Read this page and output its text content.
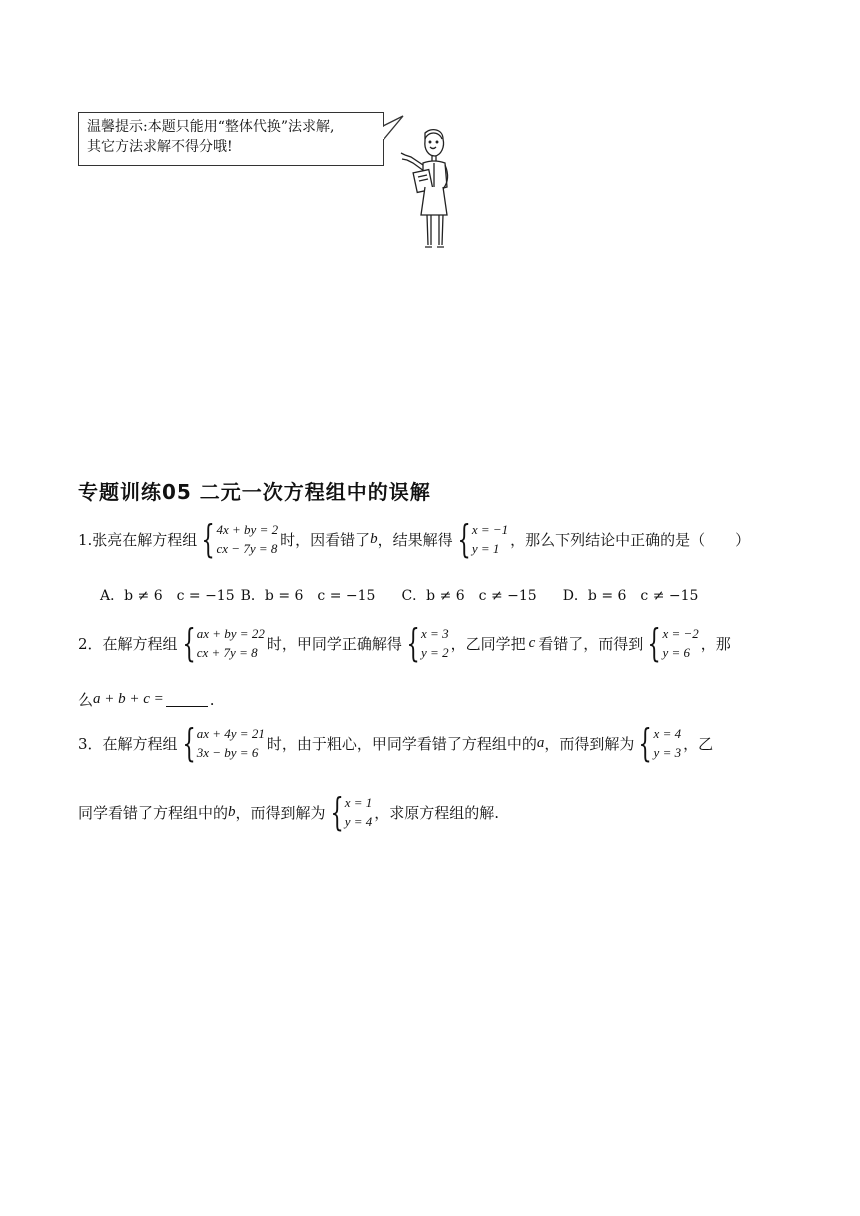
温馨提示:本题只能用“整体代换”法求解,
其它方法求解不得分哦!
专题训练05 二元一次方程组中的误解
1.张亮在解方程组 { 4x + by = 2
cx − 7y = 8 时，因看错了 b ，结果解得 { x = −1
y = 1 ，那么下列结论中正确的是（　　）
A．b ≠ 6　c = −15 B．b = 6　c = −15 C．b ≠ 6　c ≠ −15 D．b = 6　c ≠ −15
2．在解方程组 { ax + by = 22
cx + 7y = 8 时，甲同学正确解得 { x = 3
y = 2 ，乙同学把 c 看错了，而得到 { x = −2
y = 6 ，那
么 a + b + c =	.
3．在解方程组 { ax + 4y = 21
3x − by = 6 时，由于粗心，甲同学看错了方程组中的 a ，而得到解为 { x = 4
y = 3 ，乙
同学看错了方程组中的 b ，而得到解为 { x = 1
y = 4 ，求原方程组的解.
